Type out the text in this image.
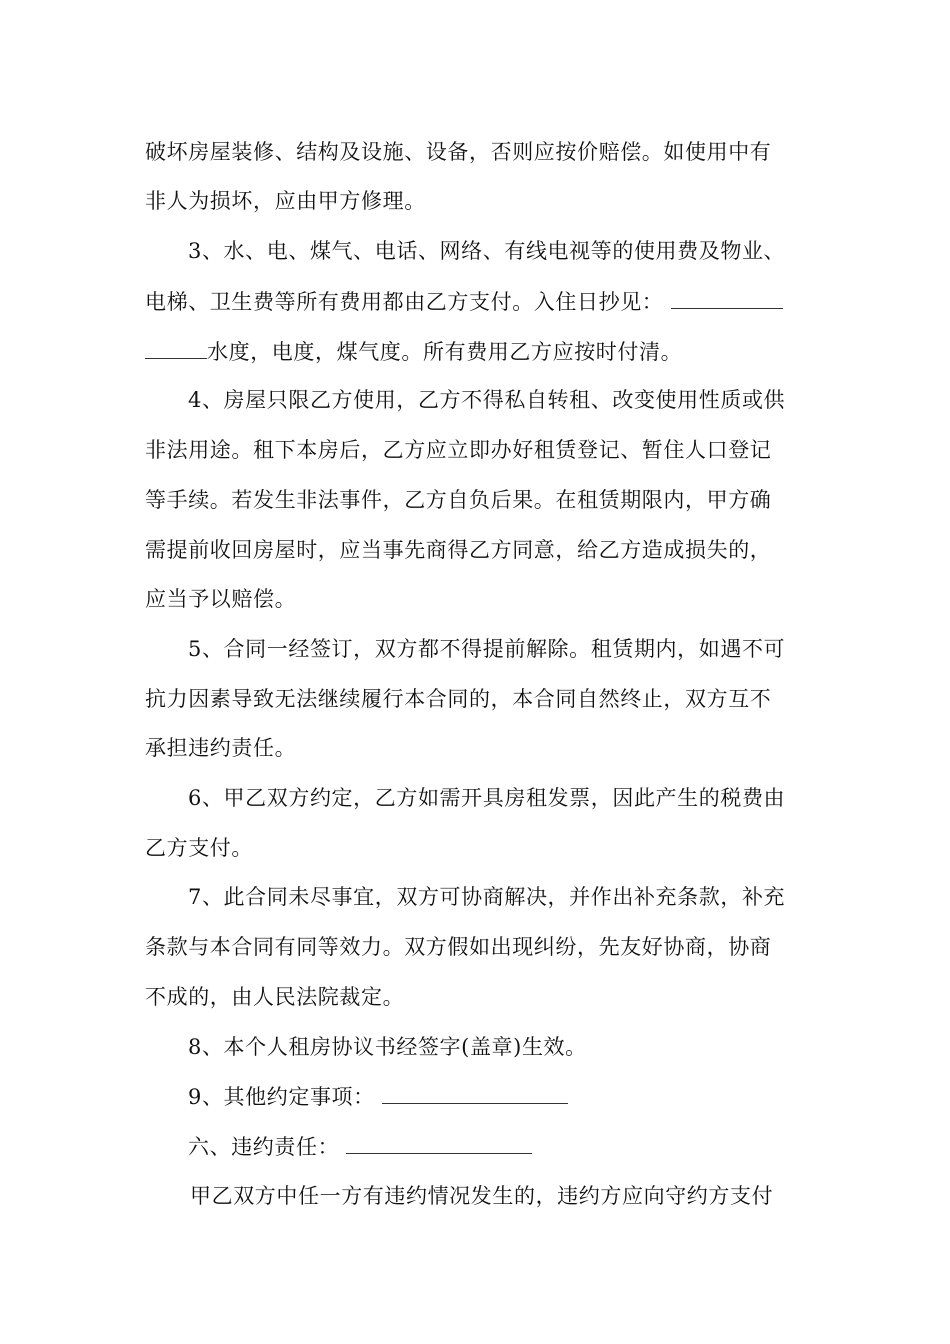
破坏房屋装修、结构及设施、设备，否则应按价赔偿。如使用中有
非人为损坏，应由甲方修理。
3、水、电、煤气、电话、网络、有线电视等的使用费及物业、
电梯、卫生费等所有费用都由乙方支付。入住日抄见：
水度，电度，煤气度。所有费用乙方应按时付清。
4、房屋只限乙方使用，乙方不得私自转租、改变使用性质或供
非法用途。租下本房后，乙方应立即办好租赁登记、暂住人口登记
等手续。若发生非法事件，乙方自负后果。在租赁期限内，甲方确
需提前收回房屋时，应当事先商得乙方同意，给乙方造成损失的，
应当予以赔偿。
5、合同一经签订，双方都不得提前解除。租赁期内，如遇不可
抗力因素导致无法继续履行本合同的，本合同自然终止，双方互不
承担违约责任。
6、甲乙双方约定，乙方如需开具房租发票，因此产生的税费由
乙方支付。
7、此合同未尽事宜，双方可协商解决，并作出补充条款，补充
条款与本合同有同等效力。双方假如出现纠纷，先友好协商，协商
不成的，由人民法院裁定。
8、本个人租房协议书经签字(盖章)生效。
9、其他约定事项：
六、违约责任：
甲乙双方中任一方有违约情况发生的，违约方应向守约方支付
